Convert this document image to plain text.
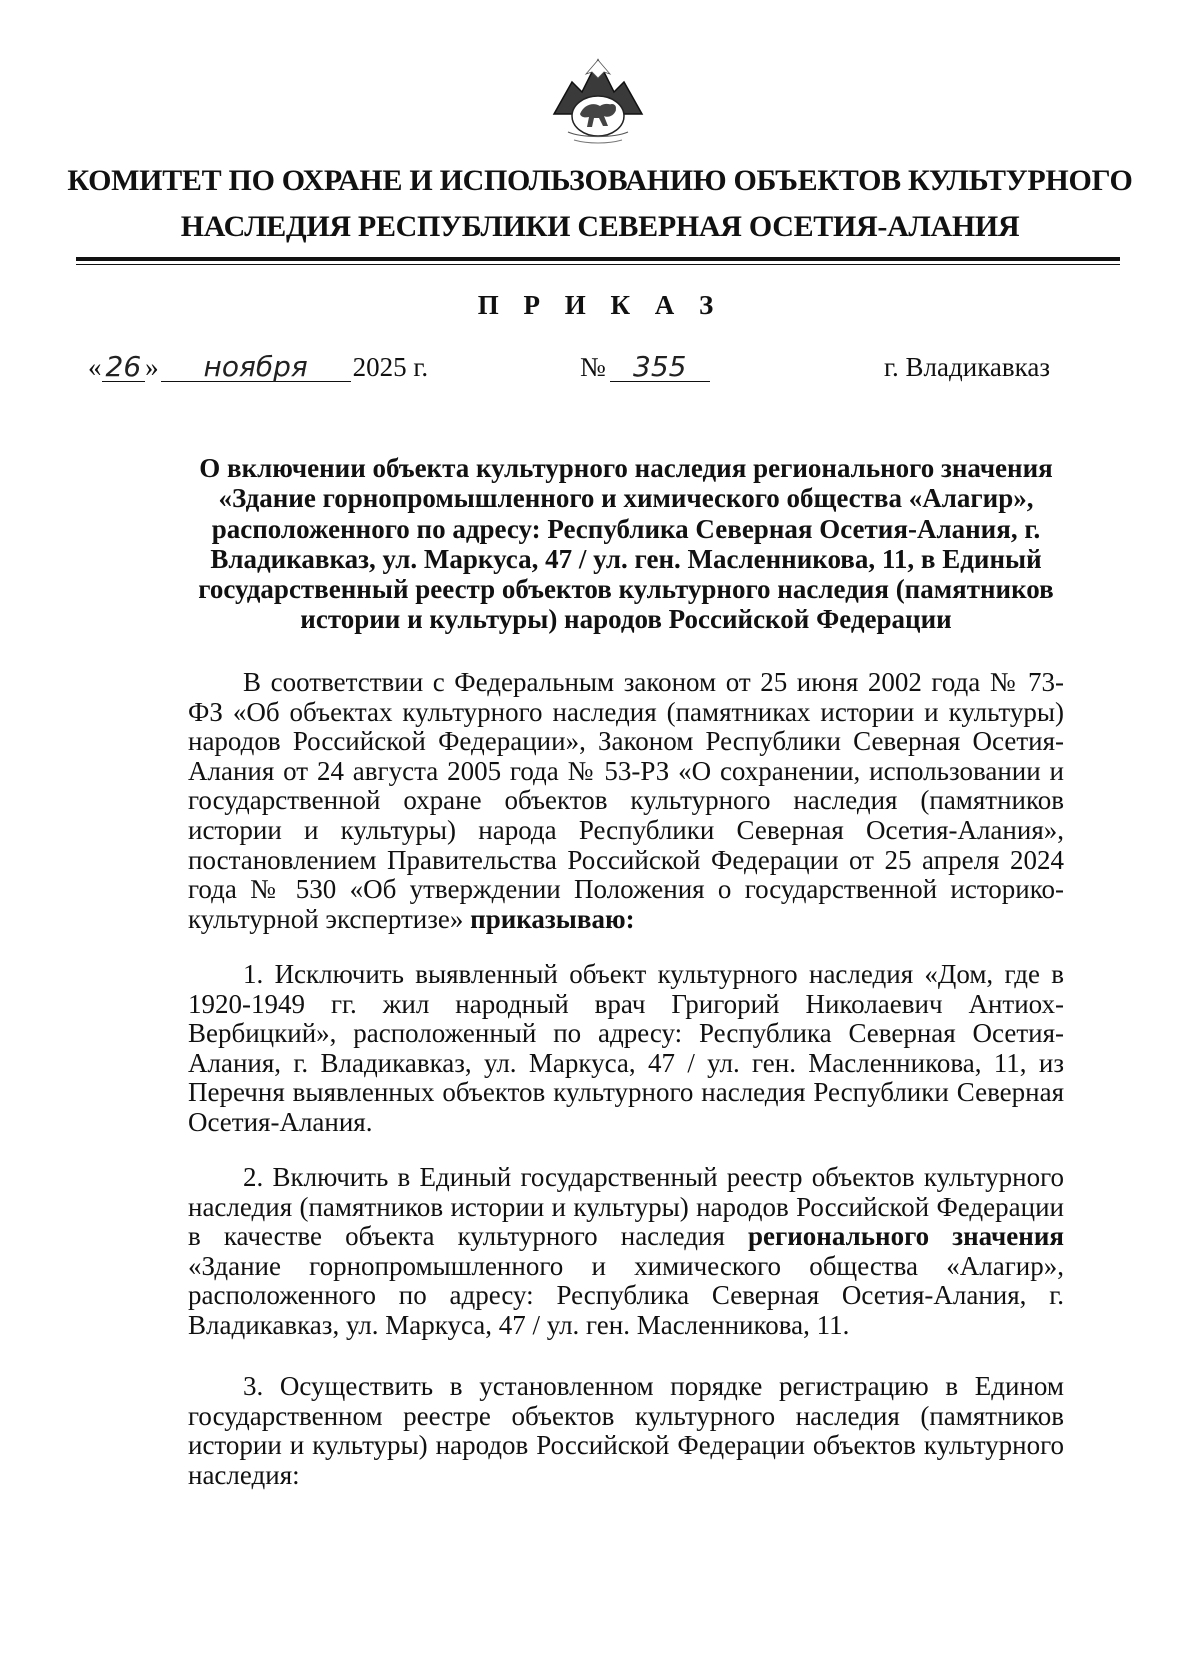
КОМИТЕТ ПО ОХРАНЕ И ИСПОЛЬЗОВАНИЮ ОБЪЕКТОВ КУЛЬТУРНОГО
НАСЛЕДИЯ РЕСПУБЛИКИ СЕВЕРНАЯ ОСЕТИЯ-АЛАНИЯ
П Р И К А З
« 26 » ноября 2025 г.	№ 355	г. Владикавказ
О включении объекта культурного наследия регионального значения «Здание горнопромышленного и химического общества «Алагир», расположенного по адресу: Республика Северная Осетия-Алания, г. Владикавказ, ул. Маркуса, 47 / ул. ген. Масленникова, 11, в Единый государственный реестр объектов культурного наследия (памятников истории и культуры) народов Российской Федерации
В соответствии с Федеральным законом от 25 июня 2002 года № 73- ФЗ «Об объектах культурного наследия (памятниках истории и культуры) народов Российской Федерации», Законом Республики Северная Осетия-Алания от 24 августа 2005 года № 53-РЗ «О сохранении, использовании и государственной охране объектов культурного наследия (памятников истории и культуры) народа Республики Северная Осетия-Алания», постановлением Правительства Российской Федерации от 25 апреля 2024 года № 530 «Об утверждении Положения о государственной историко-культурной экспертизе» приказываю:
1. Исключить выявленный объект культурного наследия «Дом, где в 1920-1949 гг. жил народный врач Григорий Николаевич Антиох-Вербицкий», расположенный по адресу: Республика Северная Осетия-Алания, г. Владикавказ, ул. Маркуса, 47 / ул. ген. Масленникова, 11, из Перечня выявленных объектов культурного наследия Республики Северная Осетия-Алания.
2. Включить в Единый государственный реестр объектов культурного наследия (памятников истории и культуры) народов Российской Федерации в качестве объекта культурного наследия регионального значения «Здание горнопромышленного и химического общества «Алагир», расположенного по адресу: Республика Северная Осетия-Алания, г. Владикавказ, ул. Маркуса, 47 / ул. ген. Масленникова, 11.
3. Осуществить в установленном порядке регистрацию в Едином государственном реестре объектов культурного наследия (памятников истории и культуры) народов Российской Федерации объектов культурного наследия:
